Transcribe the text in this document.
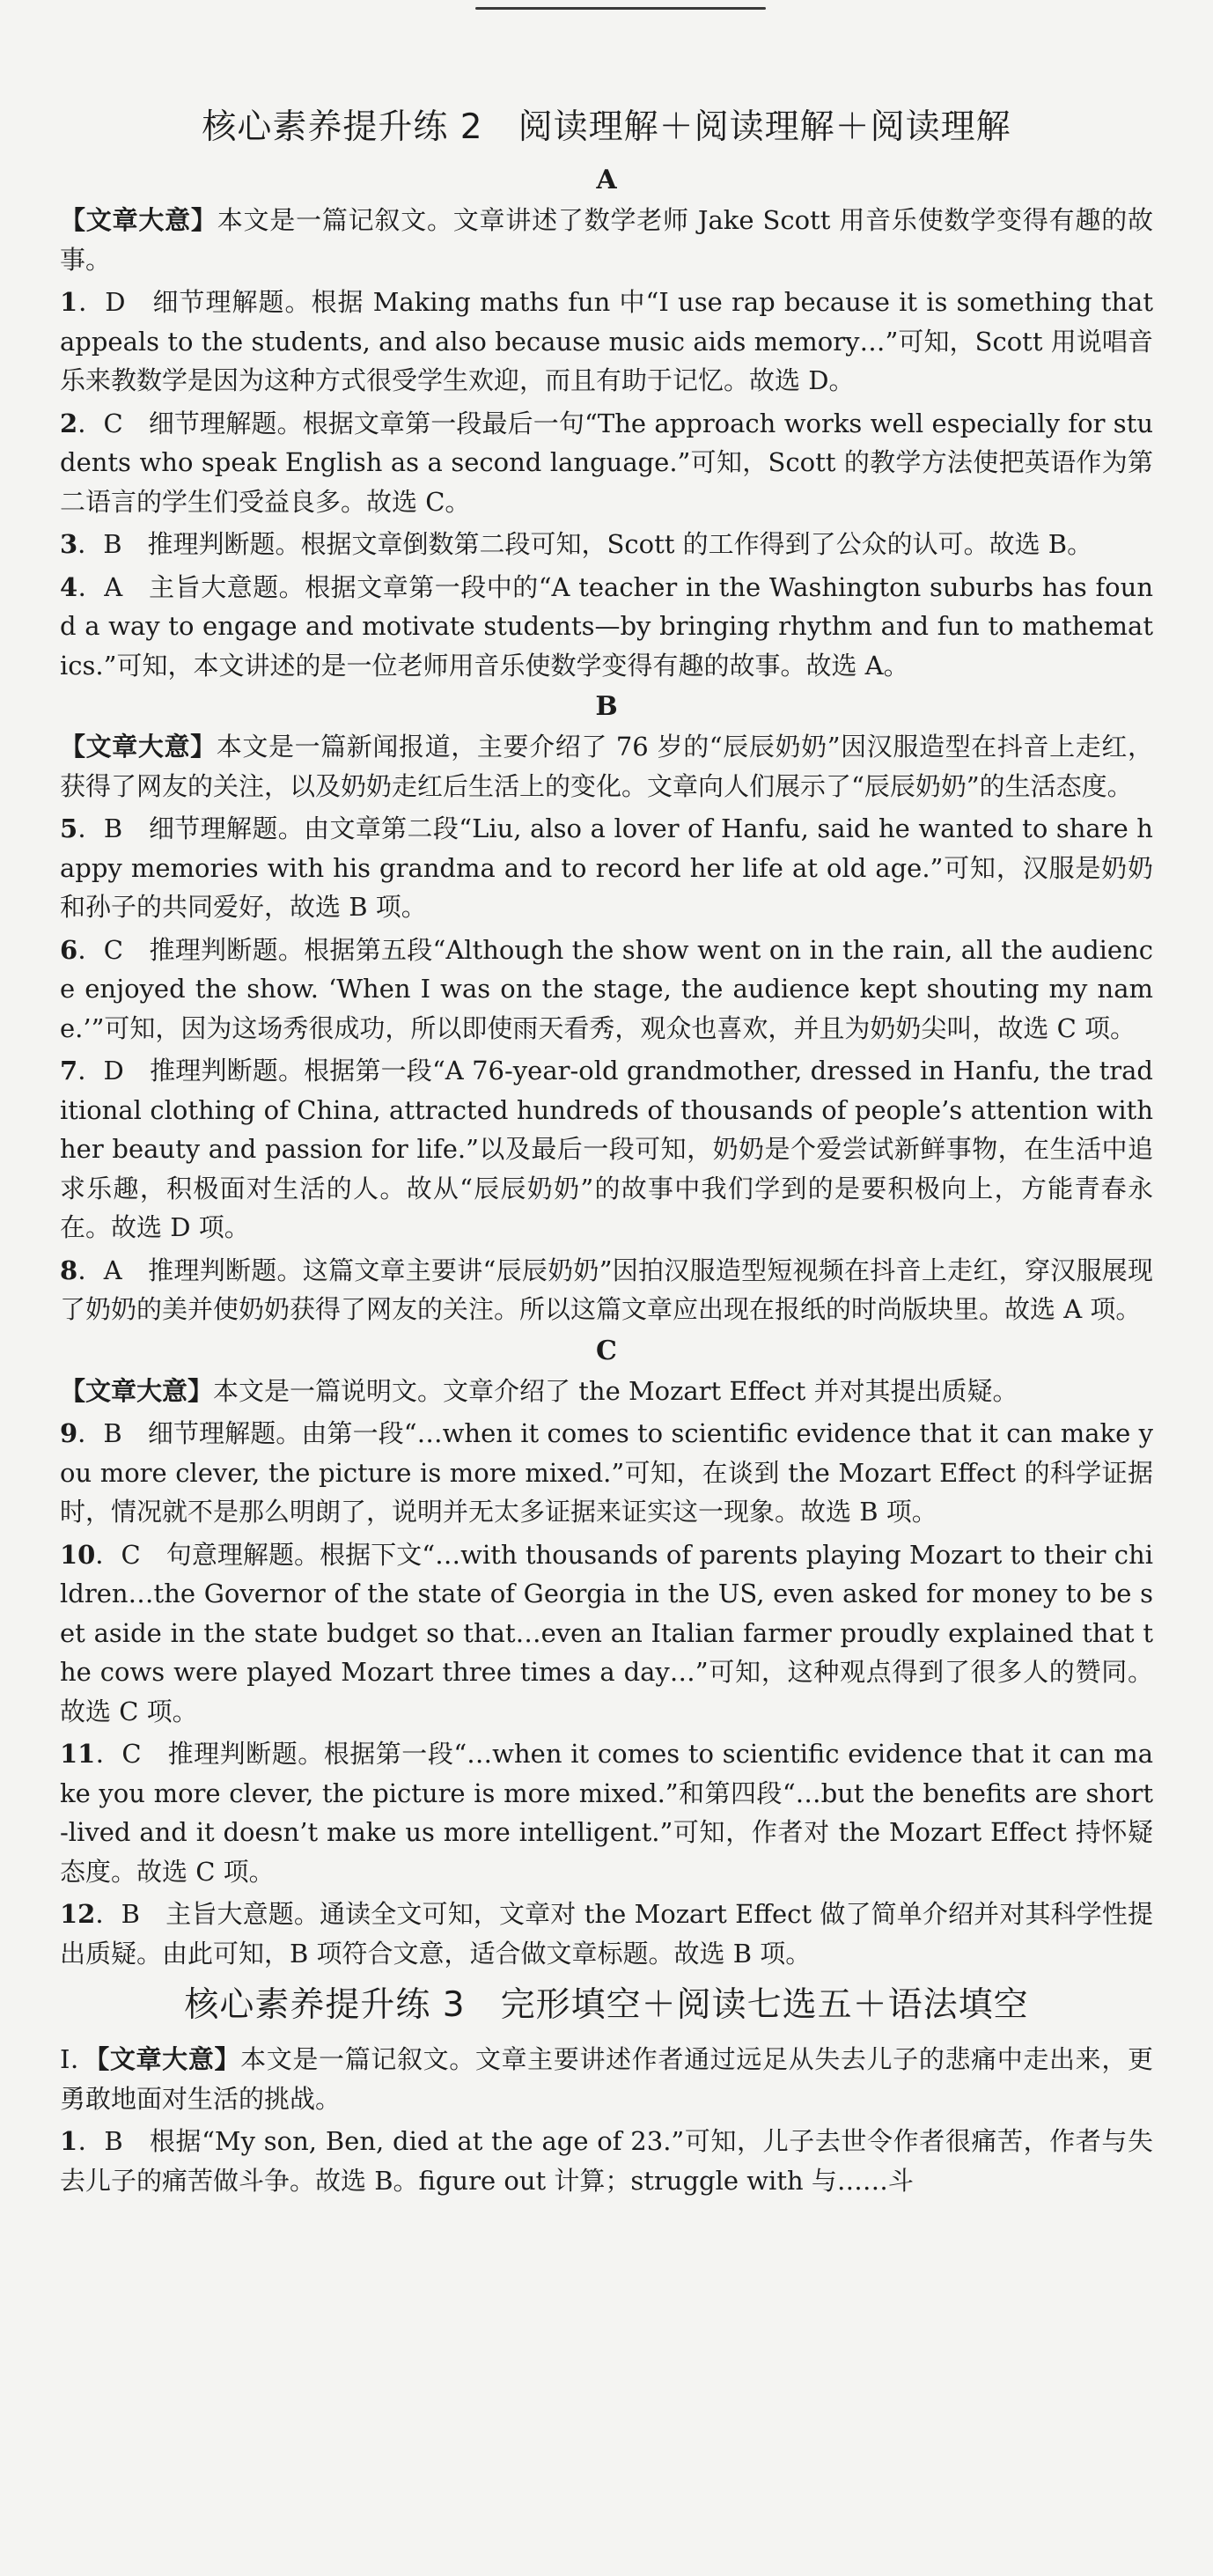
核心素养提升练 2　阅读理解＋阅读理解＋阅读理解
A

【文章大意】本文是一篇记叙文。文章讲述了数学老师 Jake Scott 用音乐使数学变得有趣的故事。

1．D　细节理解题。根据 Making maths fun 中“I use rap because it is something that appeals to the students, and also because music aids memory…”可知，Scott 用说唱音乐来教数学是因为这种方式很受学生欢迎，而且有助于记忆。故选 D。

2．C　细节理解题。根据文章第一段最后一句“The approach works well especially for students who speak English as a second language.”可知，Scott 的教学方法使把英语作为第二语言的学生们受益良多。故选 C。

3．B　推理判断题。根据文章倒数第二段可知，Scott 的工作得到了公众的认可。故选 B。

4．A　主旨大意题。根据文章第一段中的“A teacher in the Washington suburbs has found a way to engage and motivate students—by bringing rhythm and fun to mathematics.”可知，本文讲述的是一位老师用音乐使数学变得有趣的故事。故选 A。

B

【文章大意】本文是一篇新闻报道，主要介绍了 76 岁的“辰辰奶奶”因汉服造型在抖音上走红，获得了网友的关注，以及奶奶走红后生活上的变化。文章向人们展示了“辰辰奶奶”的生活态度。

5．B　细节理解题。由文章第二段“Liu, also a lover of Hanfu, said he wanted to share happy memories with his grandma and to record her life at old age.”可知，汉服是奶奶和孙子的共同爱好，故选 B 项。

6．C　推理判断题。根据第五段“Although the show went on in the rain, all the audience enjoyed the show. ‘When I was on the stage, the audience kept shouting my name.’”可知，因为这场秀很成功，所以即使雨天看秀，观众也喜欢，并且为奶奶尖叫，故选 C 项。

7．D　推理判断题。根据第一段“A 76-year-old grandmother, dressed in Hanfu, the traditional clothing of China, attracted hundreds of thousands of people’s attention with her beauty and passion for life.”以及最后一段可知，奶奶是个爱尝试新鲜事物，在生活中追求乐趣，积极面对生活的人。故从“辰辰奶奶”的故事中我们学到的是要积极向上，方能青春永在。故选 D 项。

8．A　推理判断题。这篇文章主要讲“辰辰奶奶”因拍汉服造型短视频在抖音上走红，穿汉服展现了奶奶的美并使奶奶获得了网友的关注。所以这篇文章应出现在报纸的时尚版块里。故选 A 项。

C

【文章大意】本文是一篇说明文。文章介绍了 the Mozart Effect 并对其提出质疑。

9．B　细节理解题。由第一段“…when it comes to scientific evidence that it can make you more clever, the picture is more mixed.”可知，在谈到 the Mozart Effect 的科学证据时，情况就不是那么明朗了，说明并无太多证据来证实这一现象。故选 B 项。

10．C　句意理解题。根据下文“…with thousands of parents playing Mozart to their children…the Governor of the state of Georgia in the US, even asked for money to be set aside in the state budget so that…even an Italian farmer proudly explained that the cows were played Mozart three times a day…”可知，这种观点得到了很多人的赞同。故选 C 项。

11．C　推理判断题。根据第一段“…when it comes to scientific evidence that it can make you more clever, the picture is more mixed.”和第四段“…but the benefits are short-lived and it doesn’t make us more intelligent.”可知，作者对 the Mozart Effect 持怀疑态度。故选 C 项。

12．B　主旨大意题。通读全文可知，文章对 the Mozart Effect 做了简单介绍并对其科学性提出质疑。由此可知，B 项符合文意，适合做文章标题。故选 B 项。

核心素养提升练 3　完形填空＋阅读七选五＋语法填空

Ⅰ．【文章大意】本文是一篇记叙文。文章主要讲述作者通过远足从失去儿子的悲痛中走出来，更勇敢地面对生活的挑战。

1．B　根据“My son, Ben, died at the age of 23.”可知，儿子去世令作者很痛苦，作者与失去儿子的痛苦做斗争。故选 B。figure out 计算；struggle with 与……斗
